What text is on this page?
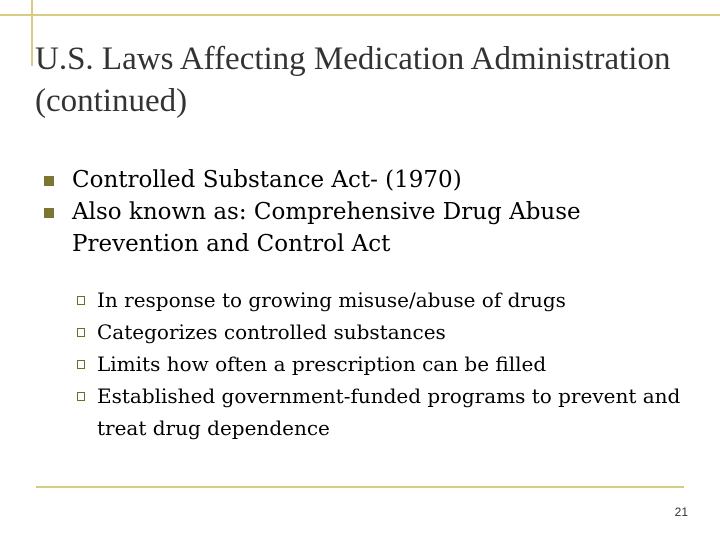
U.S. Laws Affecting Medication Administration (continued)
Controlled Substance Act- (1970)
Also known as: Comprehensive Drug Abuse Prevention and Control Act
In response to growing misuse/abuse of drugs
Categorizes controlled substances
Limits how often a prescription can be filled
Established government-funded programs to prevent and treat drug dependence
21
